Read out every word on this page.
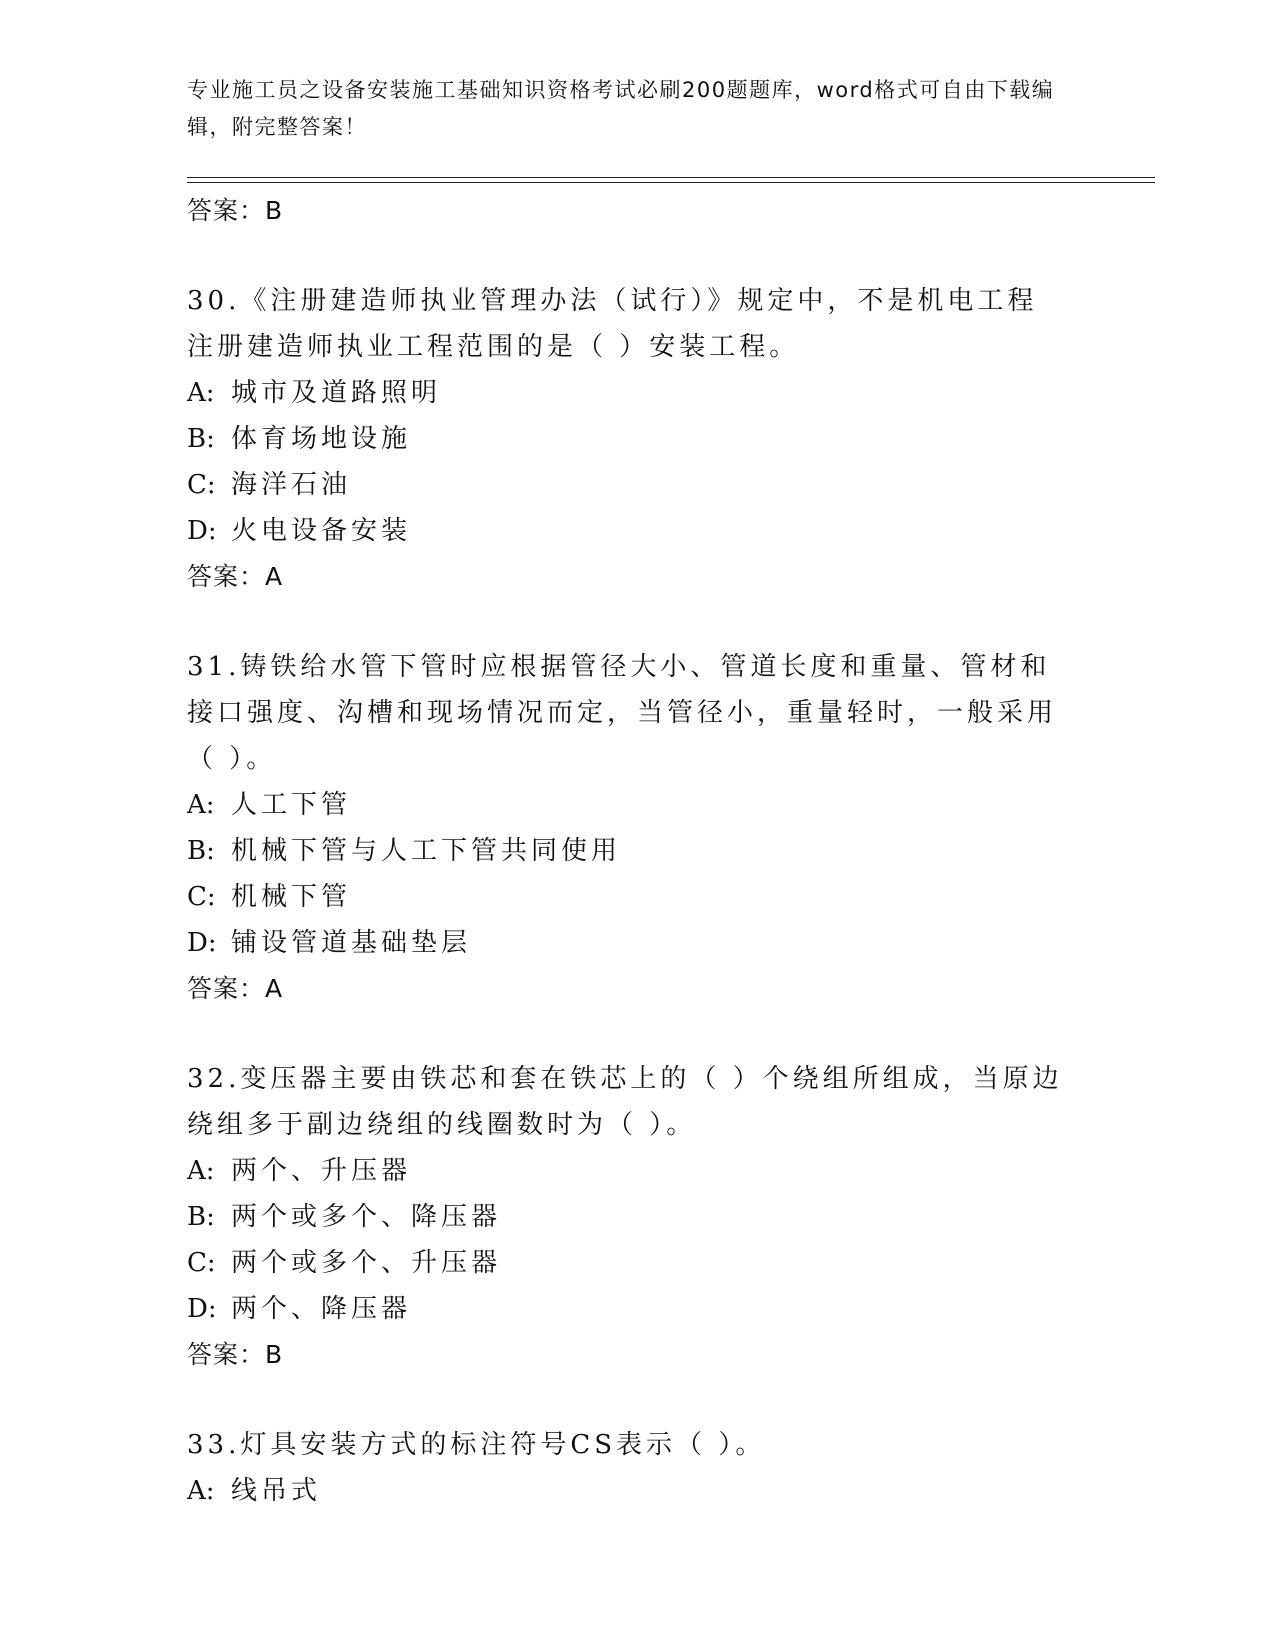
专业施工员之设备安装施工基础知识资格考试必刷200题题库，word格式可自由下载编辑，附完整答案！
答案：B
30.《注册建造师执业管理办法（试行）》规定中，不是机电工程注册建造师执业工程范围的是（ ）安装工程。
A: 城市及道路照明
B: 体育场地设施
C: 海洋石油
D: 火电设备安装
答案：A
31.铸铁给水管下管时应根据管径大小、管道长度和重量、管材和接口强度、沟槽和现场情况而定，当管径小，重量轻时，一般采用（ ）。
A: 人工下管
B: 机械下管与人工下管共同使用
C: 机械下管
D: 铺设管道基础垫层
答案：A
32.变压器主要由铁芯和套在铁芯上的（ ）个绕组所组成，当原边绕组多于副边绕组的线圈数时为（ ）。
A: 两个、升压器
B: 两个或多个、降压器
C: 两个或多个、升压器
D: 两个、降压器
答案：B
33.灯具安装方式的标注符号CS表示（ ）。
A: 线吊式
